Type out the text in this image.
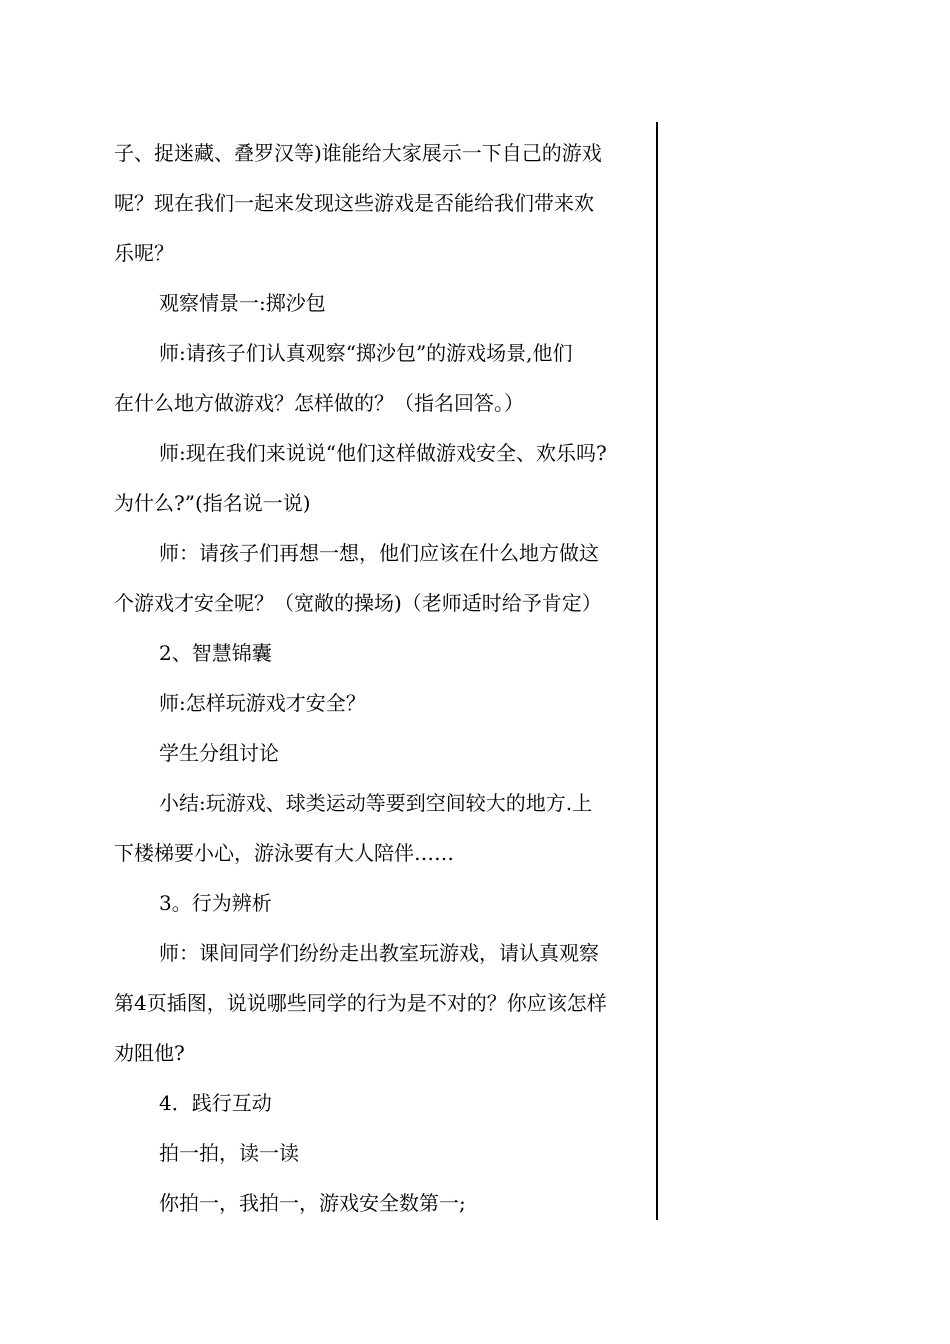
子、捉迷藏、叠罗汉等)谁能给大家展示一下自己的游戏
呢？现在我们一起来发现这些游戏是否能给我们带来欢
乐呢？
观察情景一:掷沙包
师:请孩子们认真观察“掷沙包”的游戏场景,他们
在什么地方做游戏？怎样做的？（指名回答。）
师:现在我们来说说“他们这样做游戏安全、欢乐吗?
为什么?”(指名说一说)
师：请孩子们再想一想，他们应该在什么地方做这
个游戏才安全呢？（宽敞的操场)（老师适时给予肯定）
2、智慧锦囊
师:怎样玩游戏才安全？
学生分组讨论
小结:玩游戏、球类运动等要到空间较大的地方.上
下楼梯要小心，游泳要有大人陪伴……
3。行为辨析
师：课间同学们纷纷走出教室玩游戏，请认真观察
第4页插图，说说哪些同学的行为是不对的？你应该怎样
劝阻他?
4．践行互动
拍一拍，读一读
你拍一，我拍一，游戏安全数第一;
